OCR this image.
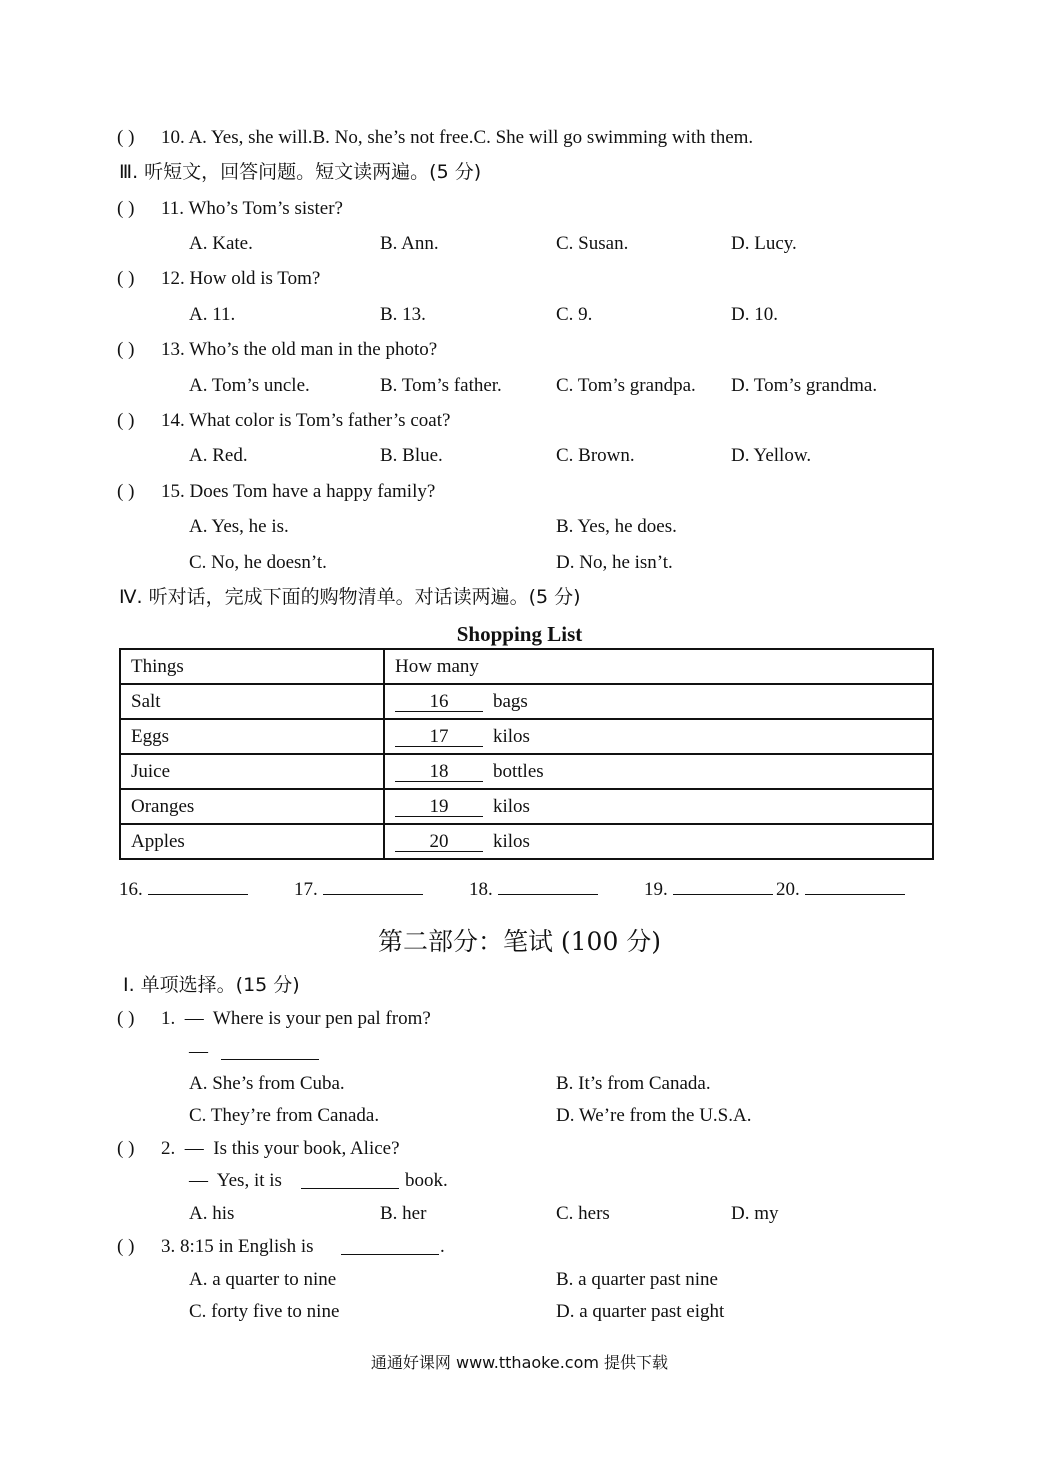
( ) 10. A. Yes, she will.B. No, she’s not free.C. She will go swimming with them.
Ⅲ. 听短文，回答问题。短文读两遍。(5 分)
( ) 11. Who’s Tom’s sister?
A. Kate.	B. Ann.	C. Susan.	D. Lucy.
( ) 12. How old is Tom?
A. 11.	B. 13.	C. 9.	D. 10.
( ) 13. Who’s the old man in the photo?
A. Tom’s uncle.	B. Tom’s father.	C. Tom’s grandpa. D. Tom’s grandma.
( ) 14. What color is Tom’s father’s coat?
A. Red.	B. Blue.	C. Brown.	D. Yellow.
( ) 15. Does Tom have a happy family?
A. Yes, he is.	B. Yes, he does.
C. No, he doesn’t.	D. No, he isn’t.
Ⅳ. 听对话，完成下面的购物清单。对话读两遍。(5 分)
Shopping List
Things	How many
Salt	16 bags
Eggs	17 kilos
Juice	18 bottles
Oranges	19 kilos
Apples	20 kilos
16.	17.	18.	19.	20.
第二部分：笔试 (100 分)
Ⅰ. 单项选择。(15 分)
( ) 1.  —  Where is your pen pal from?
—
A. She’s from Cuba.	B. It’s from Canada.
C. They’re from Canada.	D. We’re from the U.S.A.
( ) 2.  —  Is this your book, Alice?
—  Yes, it is	book.
A. his	B. her	C. hers	D. my
( ) 3. 8:15 in English is	.
A. a quarter to nine	B. a quarter past nine
C. forty five to nine	D. a quarter past eight
通通好课网 www.tthaoke.com 提供下载
